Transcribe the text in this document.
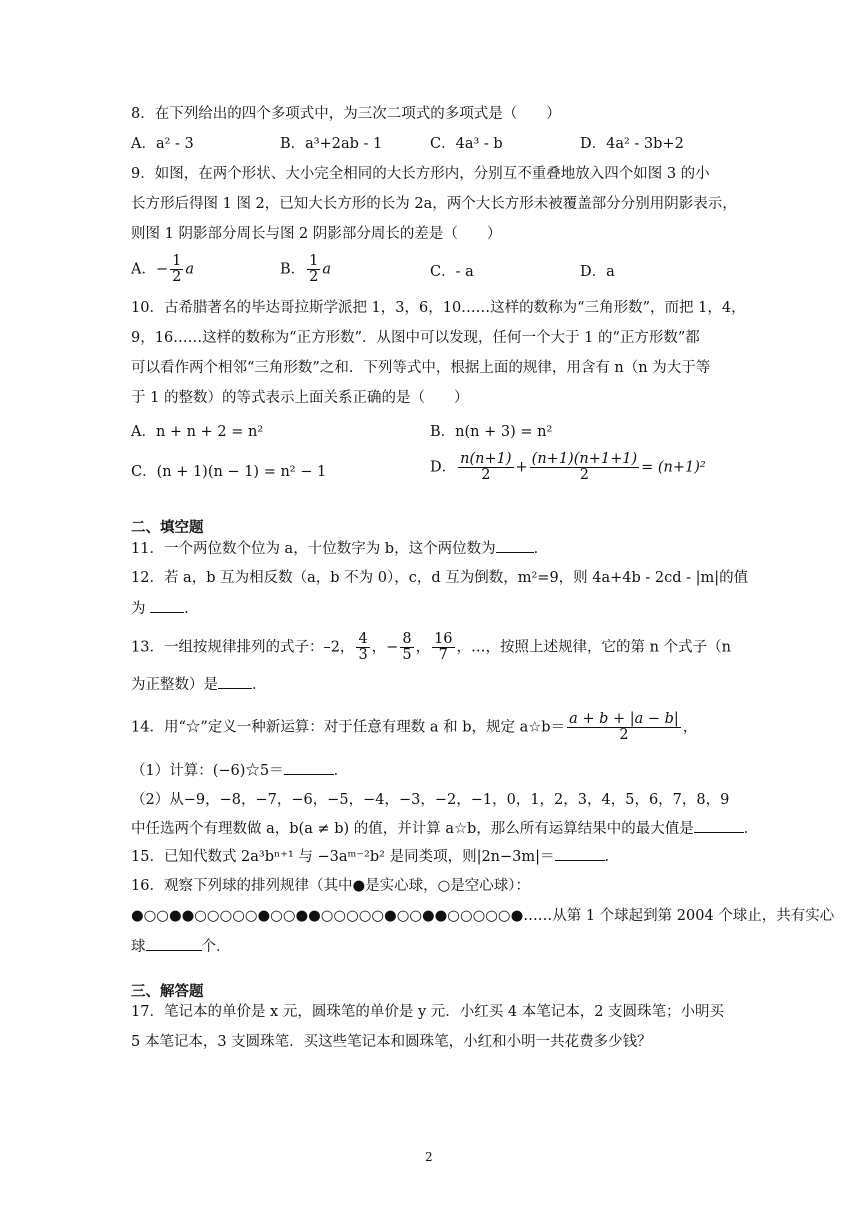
8．在下列给出的四个多项式中，为三次二项式的多项式是（　　）
A．a² ‑ 3	B．a³+2ab ‑ 1	C．4a³ ‑ b	D．4a² ‑ 3b+2
9．如图，在两个形状、大小完全相同的大长方形内，分别互不重叠地放入四个如图 3 的小
长方形后得图 1 图 2，已知大长方形的长为 2a，两个大长方形未被覆盖部分分别用阴影表示，
则图 1 阴影部分周长与图 2 阴影部分周长的差是（　　）
A．− $\frac{1}{2}$ a	B． $\frac{1}{2}$ a	C．‑ a	D．a
10．古希腊著名的毕达哥拉斯学派把 1，3，6，10……这样的数称为“三角形数”，而把 1，4，
9，16……这样的数称为“正方形数”．从图中可以发现，任何一个大于 1 的“正方形数”都
可以看作两个相邻“三角形数”之和．下列等式中，根据上面的规律，用含有 n（n 为大于等
于 1 的整数）的等式表示上面关系正确的是（　　）
A．n + n + 2 = n²	B．n(n + 3) = n²
C．(n + 1)(n − 1) = n² − 1	D． $\frac{n(n+1)}{2} + \frac{(n+1)(n+1+1)}{2} = (n+1)^2$
二、填空题
11．一个两位数个位为 a，十位数字为 b，这个两位数为	．
12．若 a，b 互为相反数（a，b 不为 0），c，d 互为倒数，m²=9，则 4a+4b ‑ 2cd ‑ |m|的值
为 ．
13．一组按规律排列的式子：–2， $\frac{4}{3}$ ，− $\frac{8}{5}$ ， $\frac{16}{7}$ ，…，按照上述规律，它的第 n 个式子（n
为正整数）是 ．
14．用“☆”定义一种新运算：对于任意有理数 a 和 b，规定 a☆b＝ $\frac{a + b + |a - b|}{2}$ ，
（1）计算：(−6)☆5＝	．
（2）从−9，−8，−7，−6，−5，−4，−3，−2，−1，0，1，2，3，4，5，6，7，8，9
中任选两个有理数做 a，b(a ≠ b) 的值，并计算 a☆b，那么所有运算结果中的最大值是	．
15．已知代数式 2a³bⁿ⁺¹ 与 −3aᵐ⁻²b² 是同类项，则|2n−3m|＝	．
16．观察下列球的排列规律（其中●是实心球，○是空心球）：
●○○●●○○○○○●○○●●○○○○○●○○●●○○○○○●……从第 1 个球起到第 2004 个球止，共有实心
球	个．
三、解答题
17．笔记本的单价是 x 元，圆珠笔的单价是 y 元．小红买 4 本笔记本，2 支圆珠笔；小明买
5 本笔记本，3 支圆珠笔．买这些笔记本和圆珠笔，小红和小明一共花费多少钱？
2
